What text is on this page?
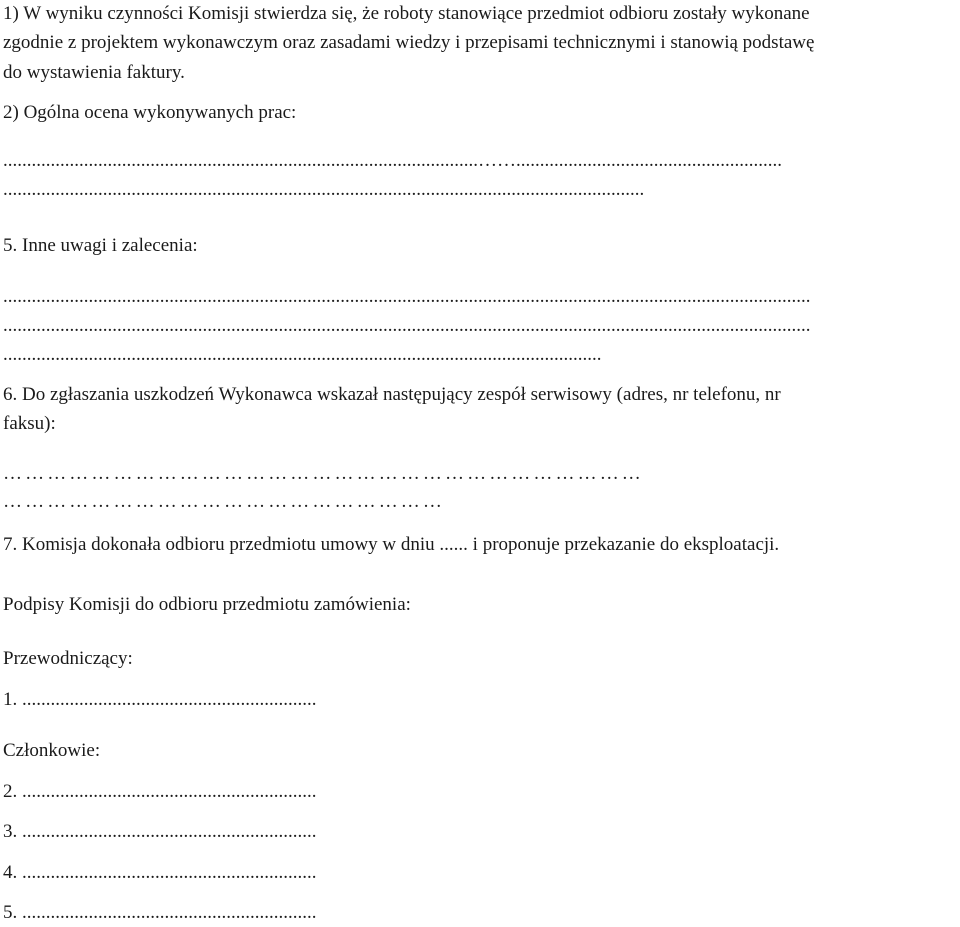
1) W wyniku czynności Komisji stwierdza się, że roboty stanowiące przedmiot odbioru zostały wykonane
zgodnie z projektem wykonawczym oraz zasadami wiedzy i przepisami technicznymi i stanowią podstawę
do wystawienia faktury.
2) Ogólna ocena wykonywanych prac:
....................................................................................................……........................................................
.......................................................................................................................................
5. Inne uwagi i zalecenia:
..........................................................................................................................................................................
..........................................................................................................................................................................
..............................................................................................................................
6. Do zgłaszania uszkodzeń Wykonawca wskazał następujący zespół serwisowy (adres, nr telefonu, nr
faksu):
……………………………………………………………………………
……………………………………………………
7. Komisja dokonała odbioru przedmiotu umowy w dniu ...... i proponuje przekazanie do eksploatacji.
Podpisy Komisji do odbioru przedmiotu zamówienia:
Przewodniczący:
1. ..............................................................
Członkowie:
2. ..............................................................
3. ..............................................................
4. ..............................................................
5. ..............................................................
